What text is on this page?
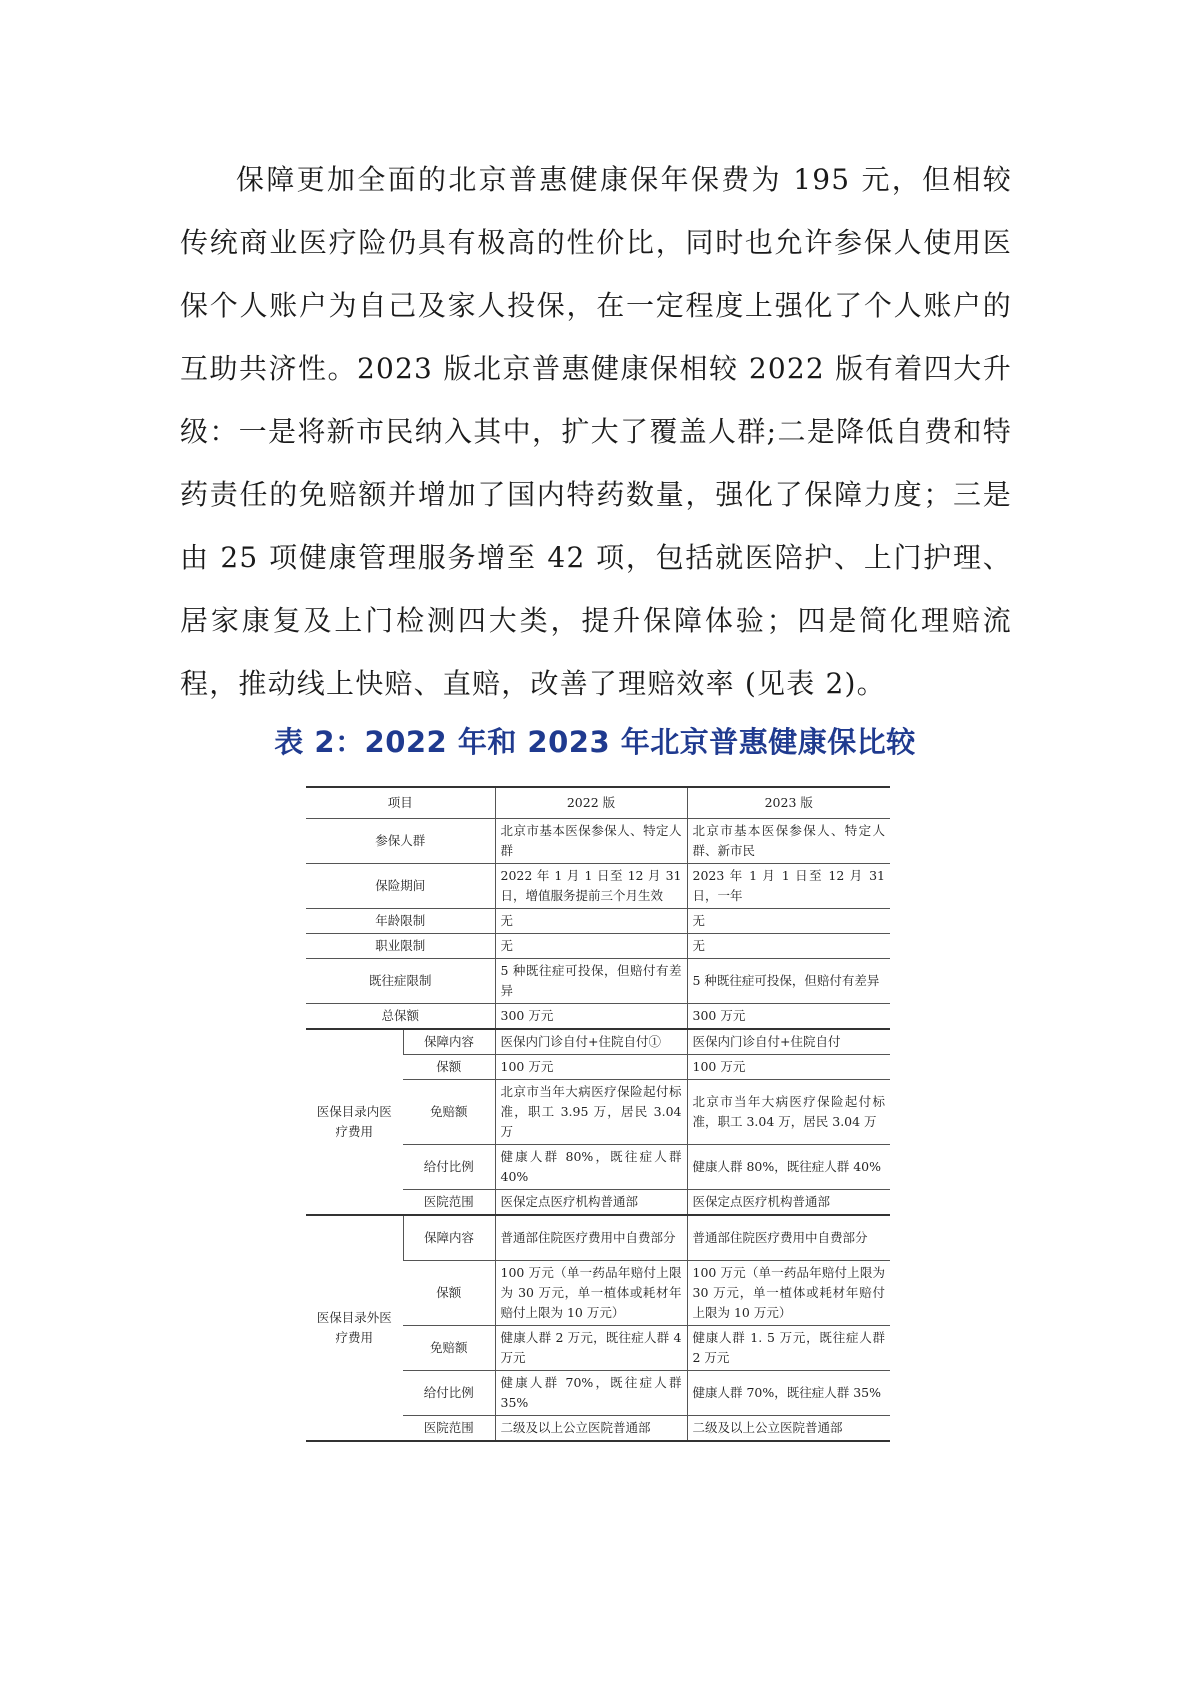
保障更加全面的北京普惠健康保年保费为 195 元，但相较传统商业医疗险仍具有极高的性价比，同时也允许参保人使用医保个人账户为自己及家人投保，在一定程度上强化了个人账户的互助共济性。2023 版北京普惠健康保相较 2022 版有着四大升级：一是将新市民纳入其中，扩大了覆盖人群;二是降低自费和特药责任的免赔额并增加了国内特药数量，强化了保障力度；三是由 25 项健康管理服务增至 42 项，包括就医陪护、上门护理、居家康复及上门检测四大类，提升保障体验；四是简化理赔流程，推动线上快赔、直赔，改善了理赔效率 (见表 2)。

表 2：2022 年和 2023 年北京普惠健康保比较
项目		2022 版	2023 版
参保人群		北京市基本医保参保人、特定人群	北京市基本医保参保人、特定人群、新市民
保险期间		2022 年 1 月 1 日至 12 月 31 日，增值服务提前三个月生效	2023 年 1 月 1 日至 12 月 31 日，一年
年龄限制		无	无
职业限制		无	无
既往症限制		5 种既往症可投保，但赔付有差异	5 种既往症可投保，但赔付有差异
总保额		300 万元	300 万元
医保目录内医疗费用	保障内容	医保内门诊自付+住院自付①	医保内门诊自付+住院自付
	保额	100 万元	100 万元
	免赔额	北京市当年大病医疗保险起付标准，职工 3.95 万，居民 3.04 万	北京市当年大病医疗保险起付标准，职工 3.04 万，居民 3.04 万
	给付比例	健康人群 80%，既往症人群 40%	健康人群 80%，既往症人群 40%
	医院范围	医保定点医疗机构普通部	医保定点医疗机构普通部
医保目录外医疗费用	保障内容	普通部住院医疗费用中自费部分	普通部住院医疗费用中自费部分
	保额	100 万元（单一药品年赔付上限为 30 万元，单一植体或耗材年赔付上限为 10 万元）	100 万元（单一药品年赔付上限为 30 万元，单一植体或耗材年赔付上限为 10 万元）
	免赔额	健康人群 2 万元，既往症人群 4 万元	健康人群 1. 5 万元，既往症人群 2 万元
	给付比例	健康人群 70%，既往症人群 35%	健康人群 70%，既往症人群 35%
	医院范围	二级及以上公立医院普通部	二级及以上公立医院普通部
